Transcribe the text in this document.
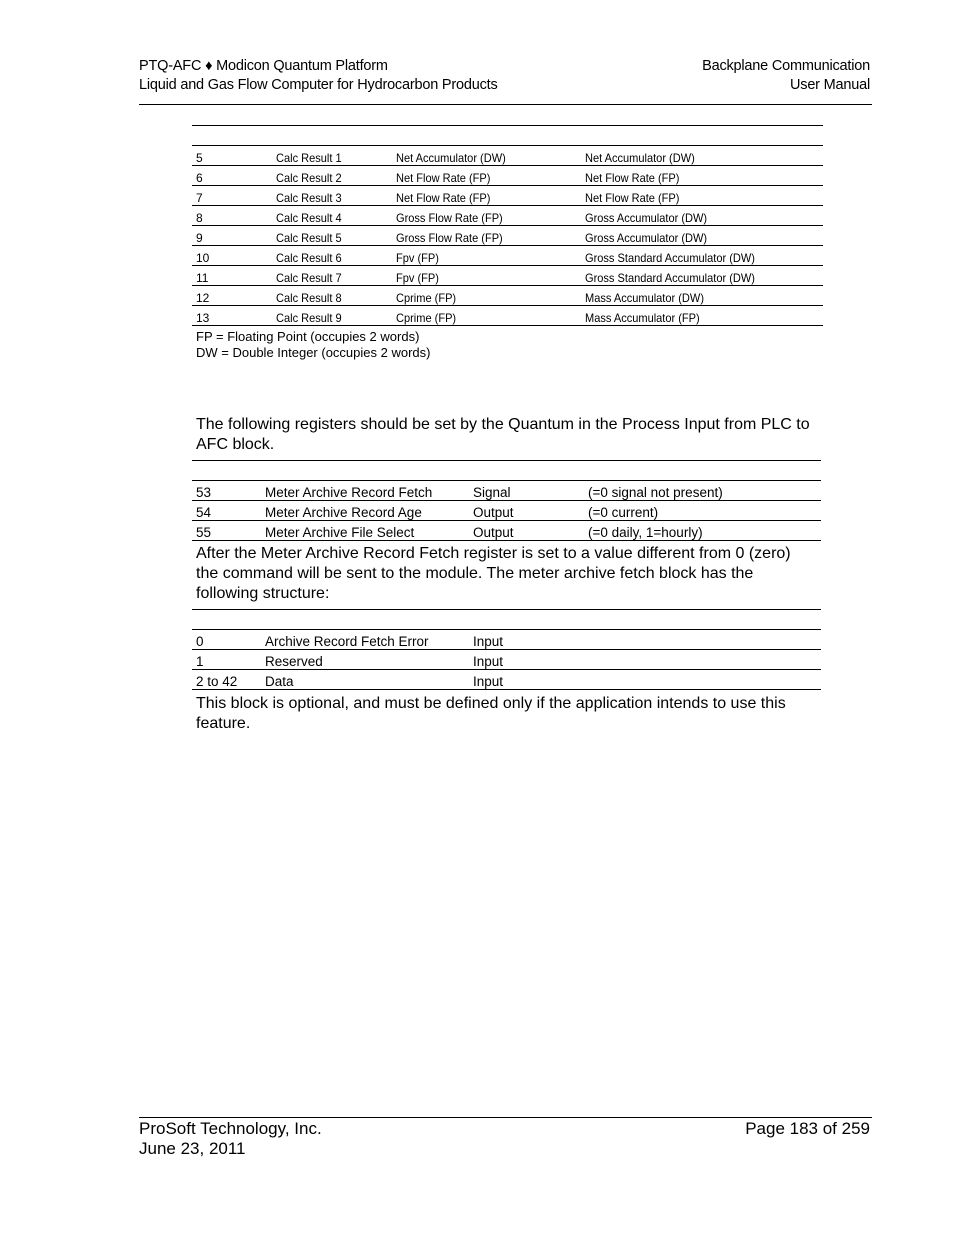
PTQ-AFC ♦ Modicon Quantum Platform	Backplane Communication
Liquid and Gas Flow Computer for Hydrocarbon Products	User Manual

5	Calc Result 1	Net Accumulator (DW)	Net Accumulator (DW)
6	Calc Result 2	Net Flow Rate (FP)	Net Flow Rate (FP)
7	Calc Result 3	Net Flow Rate (FP)	Net Flow Rate (FP)
8	Calc Result 4	Gross Flow Rate (FP)	Gross Accumulator (DW)
9	Calc Result 5	Gross Flow Rate (FP)	Gross Accumulator (DW)
10	Calc Result 6	Fpv (FP)	Gross Standard Accumulator (DW)
11	Calc Result 7	Fpv (FP)	Gross Standard Accumulator (DW)
12	Calc Result 8	Cprime (FP)	Mass Accumulator (DW)
13	Calc Result 9	Cprime (FP)	Mass Accumulator (FP)
FP = Floating Point (occupies 2 words)
DW = Double Integer (occupies 2 words)
The following registers should be set by the Quantum in the Process Input from PLC to AFC block.

53	Meter Archive Record Fetch	Signal	(=0 signal not present)
54	Meter Archive Record Age	Output	(=0 current)
55	Meter Archive File Select	Output	(=0 daily, 1=hourly)
After the Meter Archive Record Fetch register is set to a value different from 0 (zero) the command will be sent to the module. The meter archive fetch block has the following structure:

0	Archive Record Fetch Error	Input	
1	Reserved	Input	
2 to 42	Data	Input	
This block is optional, and must be defined only if the application intends to use this feature.
ProSoft Technology, Inc.	Page 183 of 259
June 23, 2011
